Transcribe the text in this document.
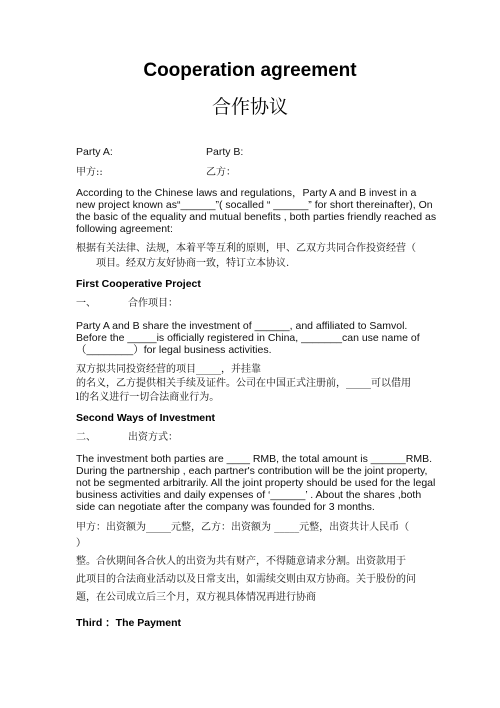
Cooperation agreement
合作协议
Party A:	Party B:
甲方::	乙方：
According to the Chinese laws and regulations，Party A and B invest in a
new project known as“______”( socalled “ ______” for short thereinafter), On
the basic of the equality and mutual benefits , both parties friendly reached as
following agreement:
根据有关法律、法规，本着平等互利的原则，甲、乙双方共同合作投资经营（
项目。经双方友好协商一致，特订立本协议.
First Cooperative Project
一、	合作项目：
Party A and B share the investment of ______, and affiliated to Samvol.
Before the _____is officially registered in China, _______can use name of
（________）for legal business activities.
双方拟共同投资经营的项目_____，并挂靠
的名义，乙方提供相关手续及证件。公司在中国正式注册前，_____可以借用
l的名义进行一切合法商业行为。
Second Ways of Investment
二、	出资方式：
The investment both parties are ____ RMB, the total amount is ______RMB.
During the partnership , each partner's contribution will be the joint property,
not be segmented arbitrarily. All the joint property should be used for the legal
business activities and daily expenses of ‘______’ . About the shares ,both
side can negotiate after the company was founded for 3 months.
甲方：出资额为_____元整，乙方：出资额为 _____元整，出资共计人民币（
）
整。合伙期间各合伙人的出资为共有财产，不得随意请求分割。出资款用于
此项目的合法商业活动以及日常支出，如需续交则由双方协商。关于股份的问
题，在公司成立后三个月，双方视具体情况再进行协商
Third ：The Payment
